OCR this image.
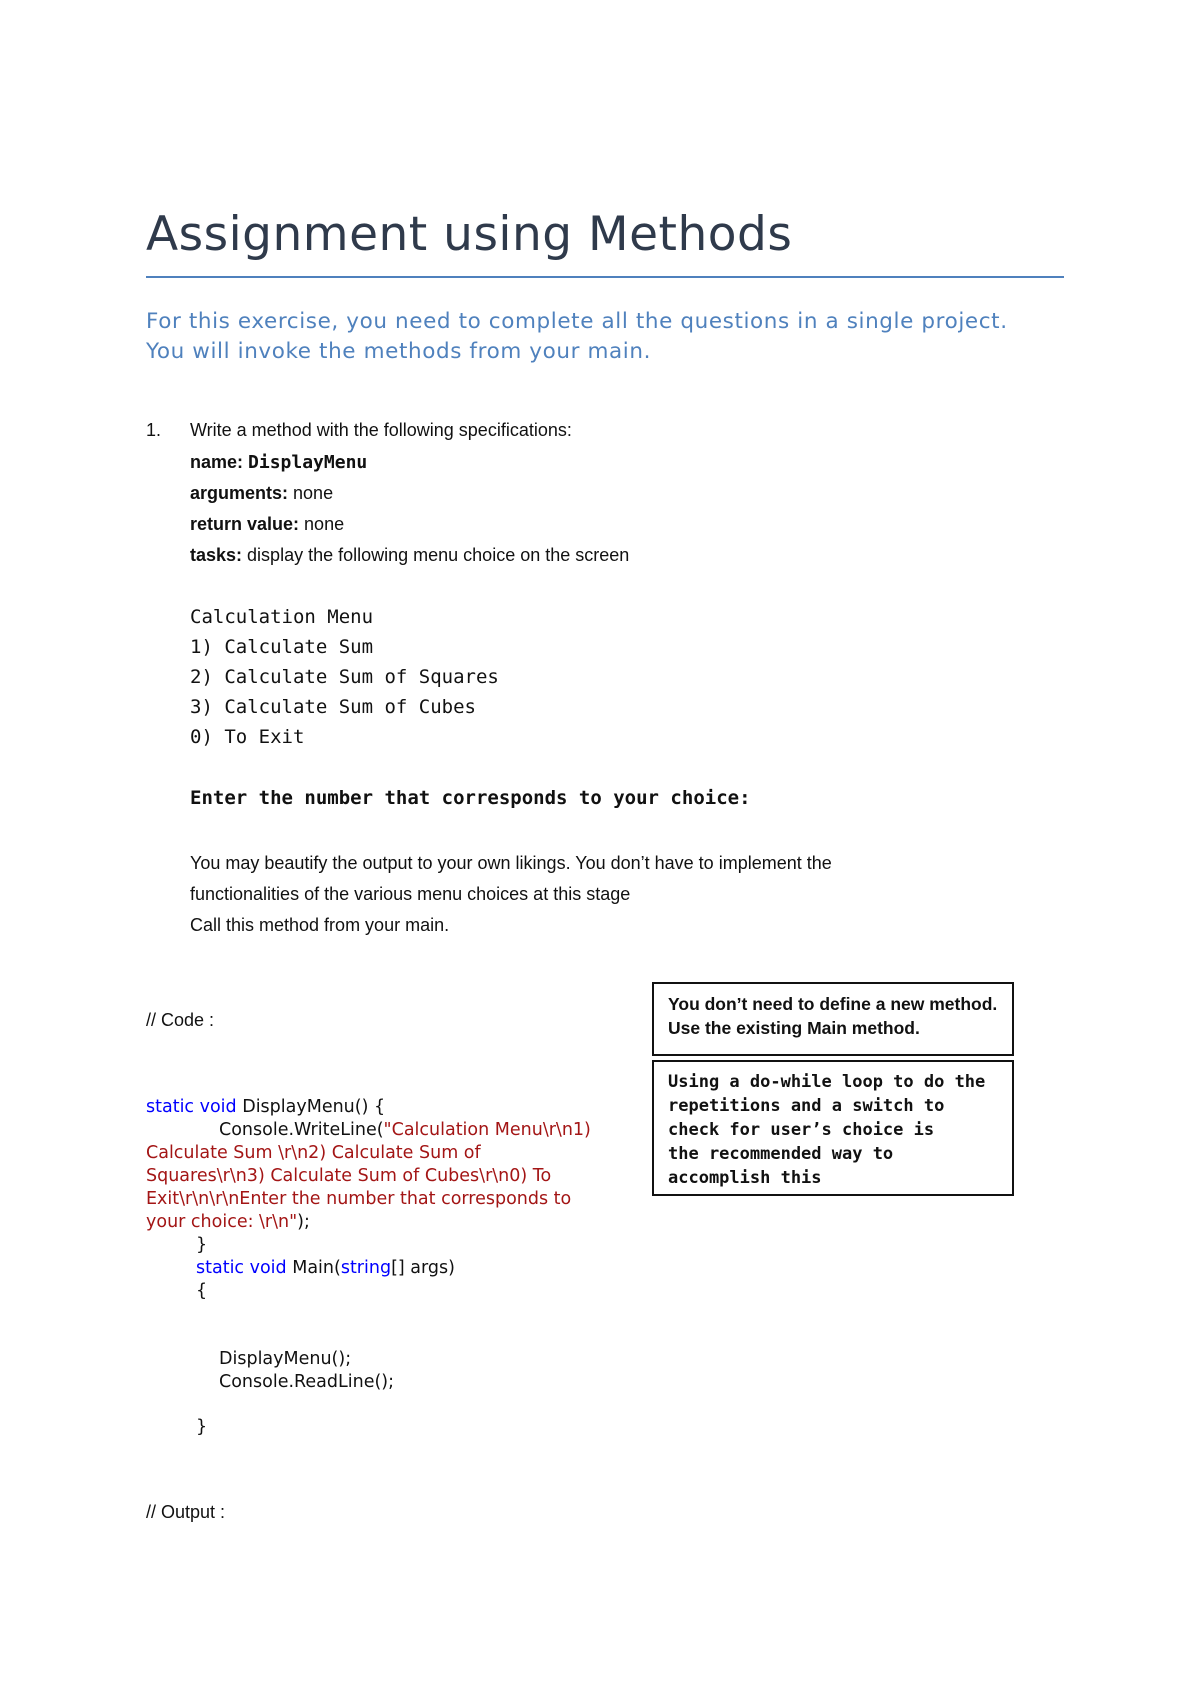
Assignment using Methods

For this exercise, you need to complete all the questions in a single project. You will invoke the methods from your main.

1. Write a method with the following specifications:
name: DisplayMenu
arguments: none
return value: none
tasks: display the following menu choice on the screen
Calculation Menu
1) Calculate Sum
2) Calculate Sum of Squares
3) Calculate Sum of Cubes
0) To Exit
Enter the number that corresponds to your choice:
You may beautify the output to your own likings. You don’t have to implement the
functionalities of the various menu choices at this stage
Call this method from your main.
You don’t need to define a new method.
Use the existing Main method.
Using a do-while loop to do the
repetitions and a switch to
check for user’s choice is
the recommended way to
accomplish this
// Code :
static void DisplayMenu() {
Console.WriteLine("Calculation Menu\r\n1)
Calculate Sum \r\n2) Calculate Sum of
Squares\r\n3) Calculate Sum of Cubes\r\n0) To
Exit\r\n\r\nEnter the number that corresponds to
your choice: \r\n");
}
static void Main(string[] args)
{
DisplayMenu();
Console.ReadLine();
}
// Output :
